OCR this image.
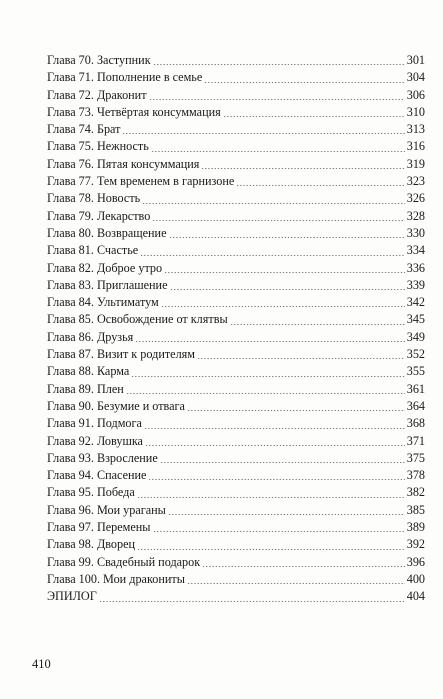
Глава 70. Заступник	301
Глава 71. Пополнение в семье	304
Глава 72. Драконит	306
Глава 73. Четвёртая консуммация	310
Глава 74. Брат	313
Глава 75. Нежность	316
Глава 76. Пятая консуммация	319
Глава 77. Тем временем в гарнизоне	323
Глава 78. Новость	326
Глава 79. Лекарство	328
Глава 80. Возвращение	330
Глава 81. Счастье	334
Глава 82. Доброе утро	336
Глава 83. Приглашение	339
Глава 84. Ультиматум	342
Глава 85. Освобождение от клятвы	345
Глава 86. Друзья	349
Глава 87. Визит к родителям	352
Глава 88. Карма	355
Глава 89. Плен	361
Глава 90. Безумие и отвага	364
Глава 91. Подмога	368
Глава 92. Ловушка	371
Глава 93. Взросление	375
Глава 94. Спасение	378
Глава 95. Победа	382
Глава 96. Мои ураганы	385
Глава 97. Перемены	389
Глава 98. Дворец	392
Глава 99. Свадебный подарок	396
Глава 100. Мои дракониты	400
ЭПИЛОГ	404
410
